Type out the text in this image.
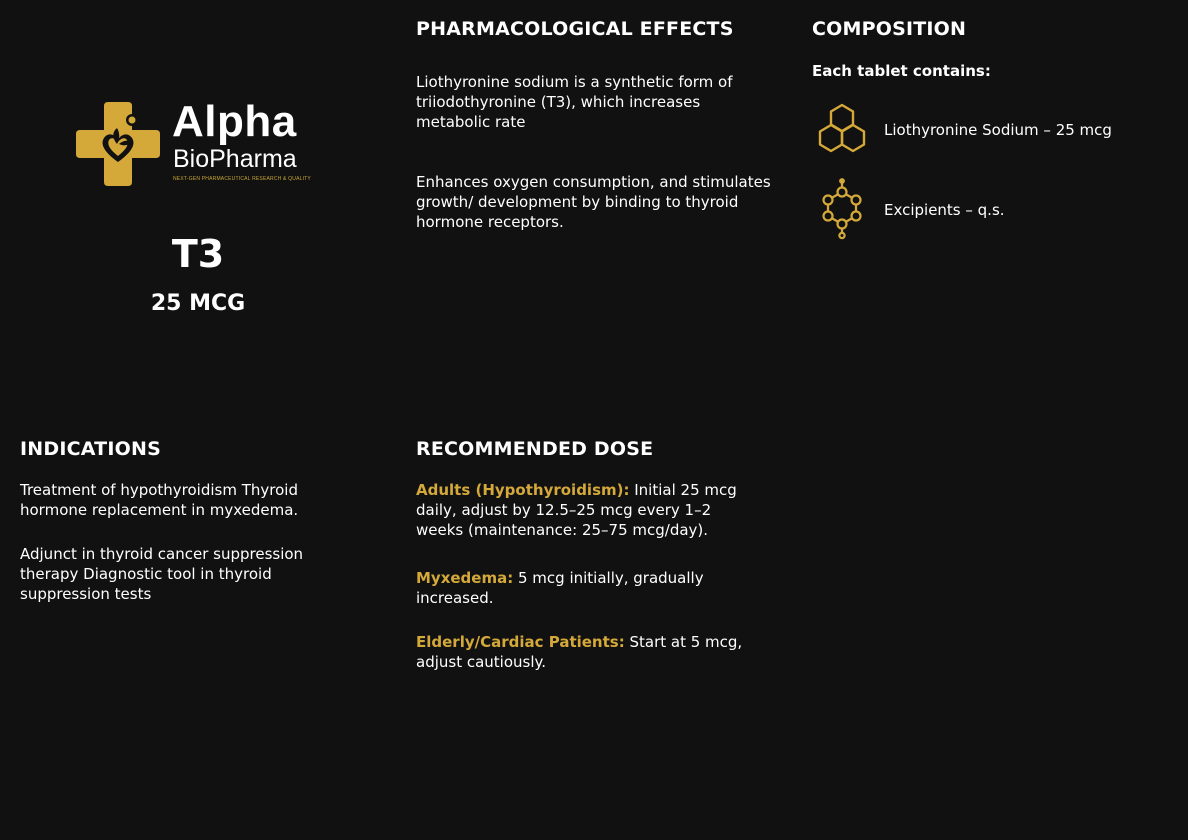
Alpha
BioPharma
NEXT-GEN PHARMACEUTICAL RESEARCH & QUALITY
T3
25 MCG
PHARMACOLOGICAL EFFECTS
Liothyronine sodium is a synthetic form of triiodothyronine (T3), which increases metabolic rate
Enhances oxygen consumption, and stimulates growth/ development by binding to thyroid hormone receptors.
COMPOSITION
Each tablet contains:
Liothyronine Sodium – 25 mcg
Excipients – q.s.
INDICATIONS
Treatment of hypothyroidism Thyroid hormone replacement in myxedema.
Adjunct in thyroid cancer suppression therapy Diagnostic tool in thyroid suppression tests
RECOMMENDED DOSE
Adults (Hypothyroidism): Initial 25 mcg daily, adjust by 12.5–25 mcg every 1–2 weeks (maintenance: 25–75 mcg/day).
Myxedema: 5 mcg initially, gradually increased.
Elderly/Cardiac Patients: Start at 5 mcg, adjust cautiously.
